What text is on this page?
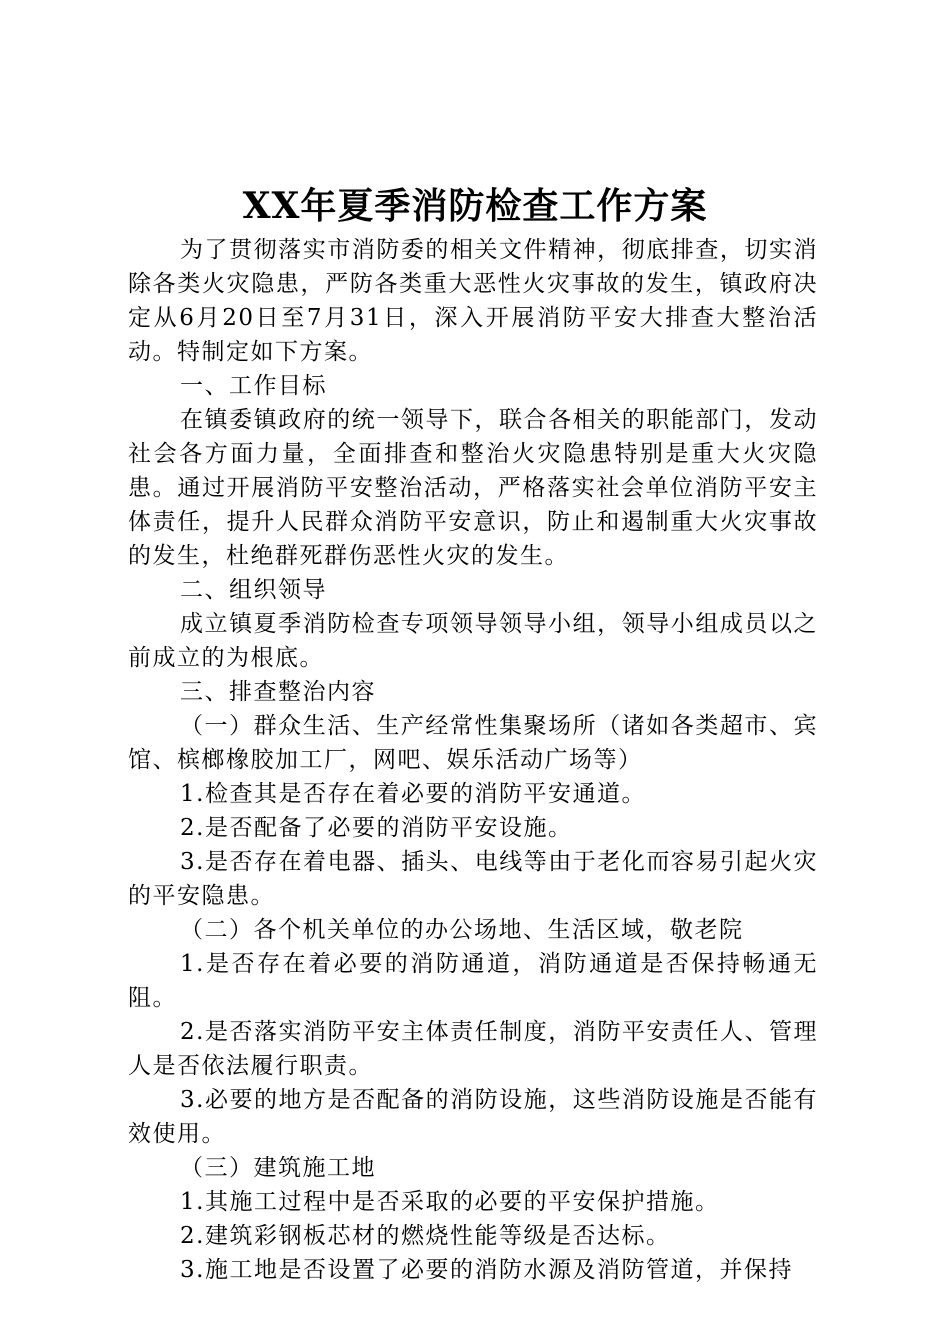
XX年夏季消防检查工作方案

为了贯彻落实市消防委的相关文件精神，彻底排查，切实消除各类火灾隐患，严防各类重大恶性火灾事故的发生，镇政府决定从6月20日至7月31日，深入开展消防平安大排查大整治活动。特制定如下方案。

一、工作目标

在镇委镇政府的统一领导下，联合各相关的职能部门，发动社会各方面力量，全面排查和整治火灾隐患特别是重大火灾隐患。通过开展消防平安整治活动，严格落实社会单位消防平安主体责任，提升人民群众消防平安意识，防止和遏制重大火灾事故的发生，杜绝群死群伤恶性火灾的发生。

二、组织领导

成立镇夏季消防检查专项领导领导小组，领导小组成员以之前成立的为根底。

三、排查整治内容

（一）群众生活、生产经常性集聚场所（诸如各类超市、宾馆、槟榔橡胶加工厂，网吧、娱乐活动广场等）

1.检查其是否存在着必要的消防平安通道。

2.是否配备了必要的消防平安设施。

3.是否存在着电器、插头、电线等由于老化而容易引起火灾的平安隐患。

（二）各个机关单位的办公场地、生活区域，敬老院

1.是否存在着必要的消防通道，消防通道是否保持畅通无阻。

2.是否落实消防平安主体责任制度，消防平安责任人、管理人是否依法履行职责。

3.必要的地方是否配备的消防设施，这些消防设施是否能有效使用。

（三）建筑施工地

1.其施工过程中是否采取的必要的平安保护措施。

2.建筑彩钢板芯材的燃烧性能等级是否达标。

3.施工地是否设置了必要的消防水源及消防管道，并保持
